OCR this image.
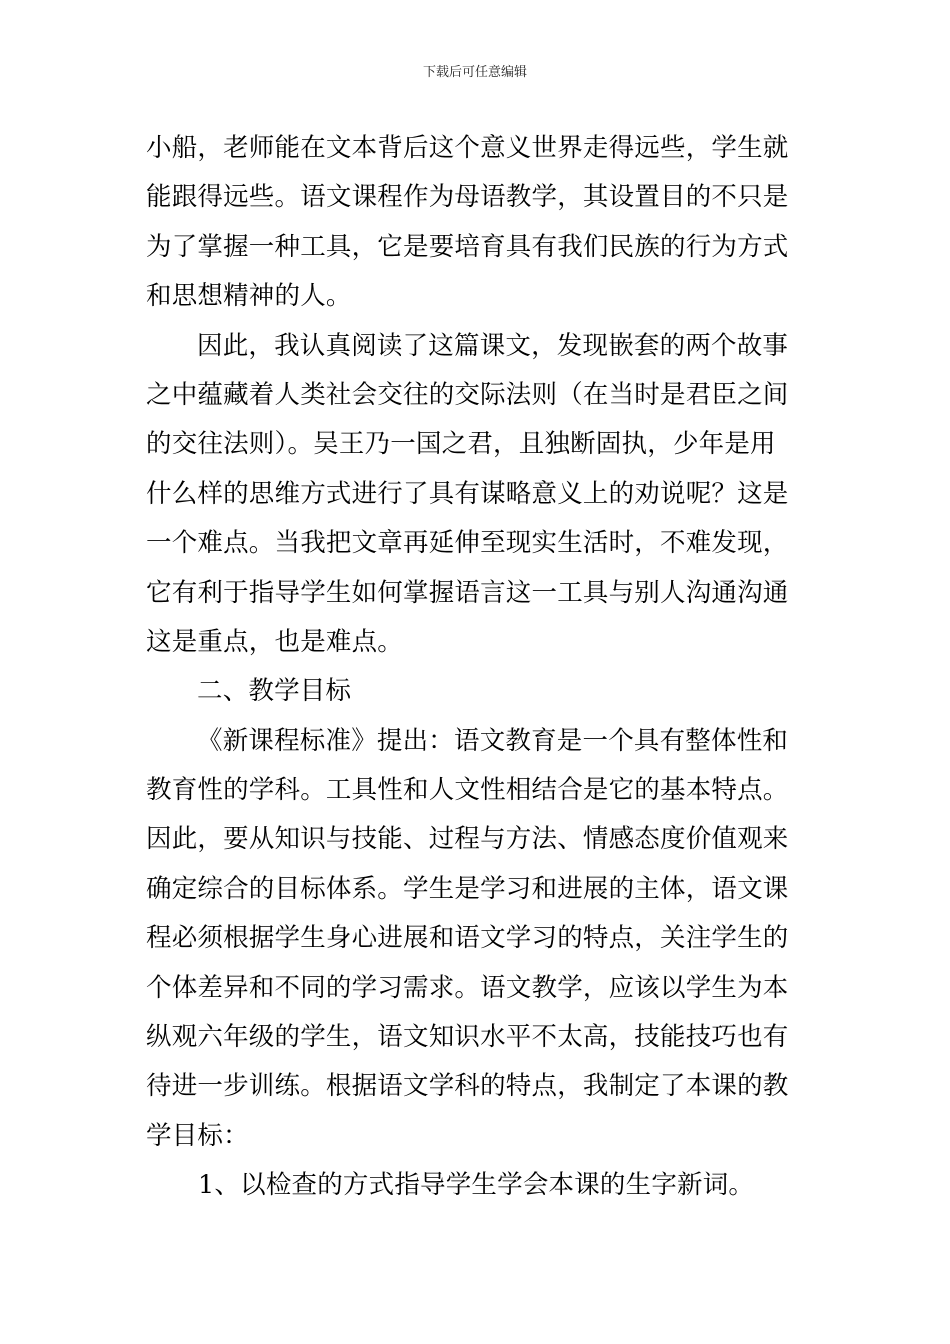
下载后可任意编辑
小船，老师能在文本背后这个意义世界走得远些，学生就
能跟得远些。语文课程作为母语教学，其设置目的不只是
为了掌握一种工具，它是要培育具有我们民族的行为方式
和思想精神的人。
因此，我认真阅读了这篇课文，发现嵌套的两个故事
之中蕴藏着人类社会交往的交际法则（在当时是君臣之间
的交往法则）。吴王乃一国之君，且独断固执，少年是用
什么样的思维方式进行了具有谋略意义上的劝说呢？这是
一个难点。当我把文章再延伸至现实生活时，不难发现，
它有利于指导学生如何掌握语言这一工具与别人沟通沟通
这是重点，也是难点。
二、教学目标
《新课程标准》提出：语文教育是一个具有整体性和
教育性的学科。工具性和人文性相结合是它的基本特点。
因此，要从知识与技能、过程与方法、情感态度价值观来
确定综合的目标体系。学生是学习和进展的主体，语文课
程必须根据学生身心进展和语文学习的特点，关注学生的
个体差异和不同的学习需求。语文教学，应该以学生为本
纵观六年级的学生，语文知识水平不太高，技能技巧也有
待进一步训练。根据语文学科的特点，我制定了本课的教
学目标：
1、以检查的方式指导学生学会本课的生字新词。
